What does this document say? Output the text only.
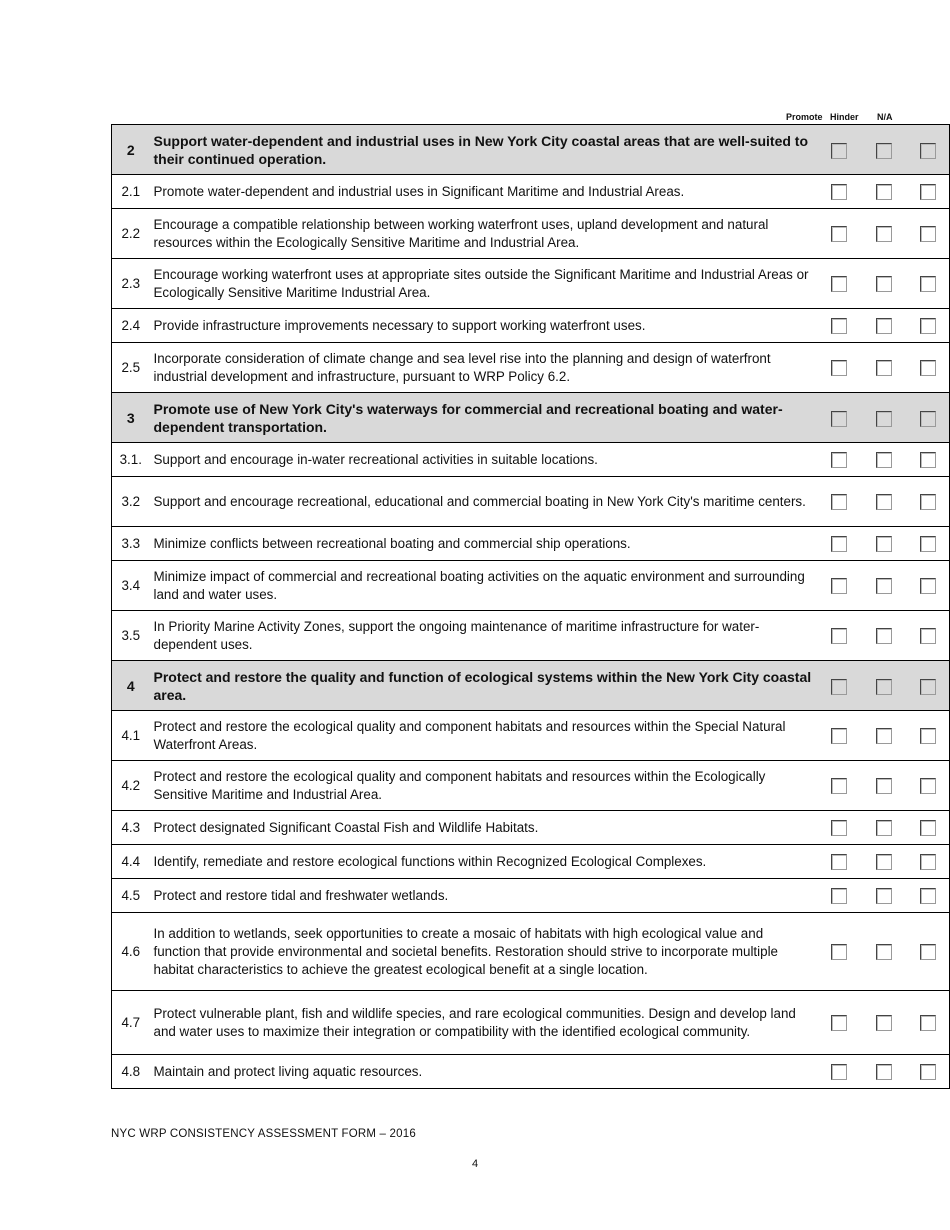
Promote Hinder N/A
2	Support water-dependent and industrial uses in New York City coastal areas that are well-suited to their continued operation.			
2.1	Promote water-dependent and industrial uses in Significant Maritime and Industrial Areas.			
2.2	Encourage a compatible relationship between working waterfront uses, upland development and natural resources within the Ecologically Sensitive Maritime and Industrial Area.			
2.3	Encourage working waterfront uses at appropriate sites outside the Significant Maritime and Industrial Areas or Ecologically Sensitive Maritime Industrial Area.			
2.4	Provide infrastructure improvements necessary to support working waterfront uses.			
2.5	Incorporate consideration of climate change and sea level rise into the planning and design of waterfront industrial development and infrastructure, pursuant to WRP Policy 6.2.			
3	Promote use of New York City's waterways for commercial and recreational boating and water-dependent transportation.			
3.1.	Support and encourage in-water recreational activities in suitable locations.			
3.2	Support and encourage recreational, educational and commercial boating in New York City's maritime centers.			
3.3	Minimize conflicts between recreational boating and commercial ship operations.			
3.4	Minimize impact of commercial and recreational boating activities on the aquatic environment and surrounding land and water uses.			
3.5	In Priority Marine Activity Zones, support the ongoing maintenance of maritime infrastructure for water-dependent uses.			
4	Protect and restore the quality and function of ecological systems within the New York City coastal area.			
4.1	Protect and restore the ecological quality and component habitats and resources within the Special Natural Waterfront Areas.			
4.2	Protect and restore the ecological quality and component habitats and resources within the Ecologically Sensitive Maritime and Industrial Area.			
4.3	Protect designated Significant Coastal Fish and Wildlife Habitats.			
4.4	Identify, remediate and restore ecological functions within Recognized Ecological Complexes.			
4.5	Protect and restore tidal and freshwater wetlands.			
4.6	In addition to wetlands, seek opportunities to create a mosaic of habitats with high ecological value and function that provide environmental and societal benefits. Restoration should strive to incorporate multiple habitat characteristics to achieve the greatest ecological benefit at a single location.			
4.7	Protect vulnerable plant, fish and wildlife species, and rare ecological communities. Design and develop land and water uses to maximize their integration or compatibility with the identified ecological community.			
4.8	Maintain and protect living aquatic resources.			
NYC WRP CONSISTENCY ASSESSMENT FORM – 2016
4
